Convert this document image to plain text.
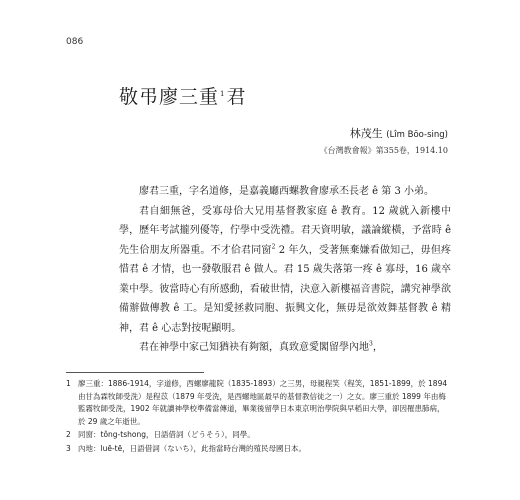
086
敬弔廖三重$^1$君
林茂生 (Lîm Bōo-sing)
《台灣教會報》第355卷，1914.10

廖君三重，字名道修，是嘉義廳西螺教會廖承丕長老 ê 第 3 小弟。

君自細無爸，受寡母佮大兄用基督教家庭 ê 教育。12 歲就入新樓中學，歷年考試攏列優等，佇學中受洗禮。君天資明敏，議論縱橫，予當時 ê 先生佮朋友所器重。不才佮君同窗$^2$ 2 年久，受著無棄嫌看做知己，毋但疼惜君 ê 才情，也一發敬服君 ê 做人。君 15 歲失落第一疼 ê 寡母，16 歲卒業中學。彼當時心有所感動，看破世情，決意入新樓福音書院，講究神學欲備辦做傳教 ê 工。是知愛拯救同胞、振興文化，無毋是欲效舞基督教 ê 精神，君 ê 心志對按呢顯明。

君在神學中家己知猶袂有夠額，真致意愛閣留學內地$^3$，

1 廖三重：1886-1914，字道修，西螺廖龍院（1835-1893）之三男，母親程笑（程笑，1851-1899，於 1894 由甘為霖牧師受洗）是程苡（1879 年受洗，是西螺地區最早的基督教信徒之一）之女。廖三重於 1899 年由梅監霧牧師受洗，1902 年就讀神學校準備當傳道，畢業後留學日本東京明治學院與早稻田大學，卻因罹患肺病，於 29 歲之年逝世。
2 同窗：tông-tshong，日語借詞（どうそう），同學。
3 內地：luē-tē，日語借詞（ないち），此指當時台灣的殖民母國日本。
